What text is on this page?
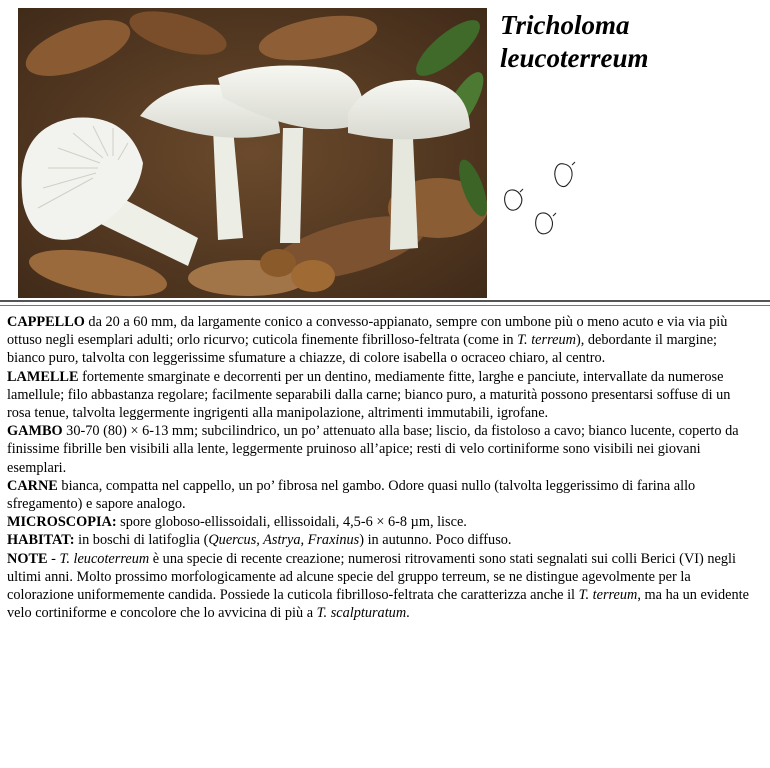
Tricholoma
leucoterreum

CAPPELLO da 20 a 60 mm, da largamente conico a convesso-appianato, sempre con umbone più o meno acuto e via via più ottuso negli esemplari adulti; orlo ricurvo; cuticola finemente fibrilloso-feltrata (come in T. terreum), debordante il margine; bianco puro, talvolta con leggerissime sfumature a chiazze, di colore isabella o ocraceo chiaro, al centro.

LAMELLE fortemente smarginate e decorrenti per un dentino, mediamente fitte, larghe e panciute, intervallate da numerose lamellule; filo abbastanza regolare; facilmente separabili dalla carne; bianco puro, a maturità possono presentarsi soffuse di un rosa tenue, talvolta leggermente ingrigenti alla manipolazione, altrimenti immutabili, igrofane.

GAMBO 30-70 (80) × 6-13 mm; subcilindrico, un po’ attenuato alla base; liscio, da fistoloso a cavo; bianco lucente, coperto da finissime fibrille ben visibili alla lente, leggermente pruinoso all’apice; resti di velo cortiniforme sono visibili nei giovani esemplari.

CARNE bianca, compatta nel cappello, un po’ fibrosa nel gambo. Odore quasi nullo (talvolta leggerissimo di farina allo sfregamento) e sapore analogo.

MICROSCOPIA: spore globoso-ellissoidali, ellissoidali, 4,5-6 × 6-8 µm, lisce.

HABITAT: in boschi di latifoglia (Quercus, Astrya, Fraxinus) in autunno. Poco diffuso.

NOTE - T. leucoterreum è una specie di recente creazione; numerosi ritrovamenti sono stati segnalati sui colli Berici (VI) negli ultimi anni. Molto prossimo morfologicamente ad alcune specie del gruppo terreum, se ne distingue agevolmente per la colorazione uniformemente candida. Possiede la cuticola fibrilloso-feltrata che caratterizza anche il T. terreum, ma ha un evidente velo cortiniforme e concolore che lo avvicina di più a T. scalpturatum.
